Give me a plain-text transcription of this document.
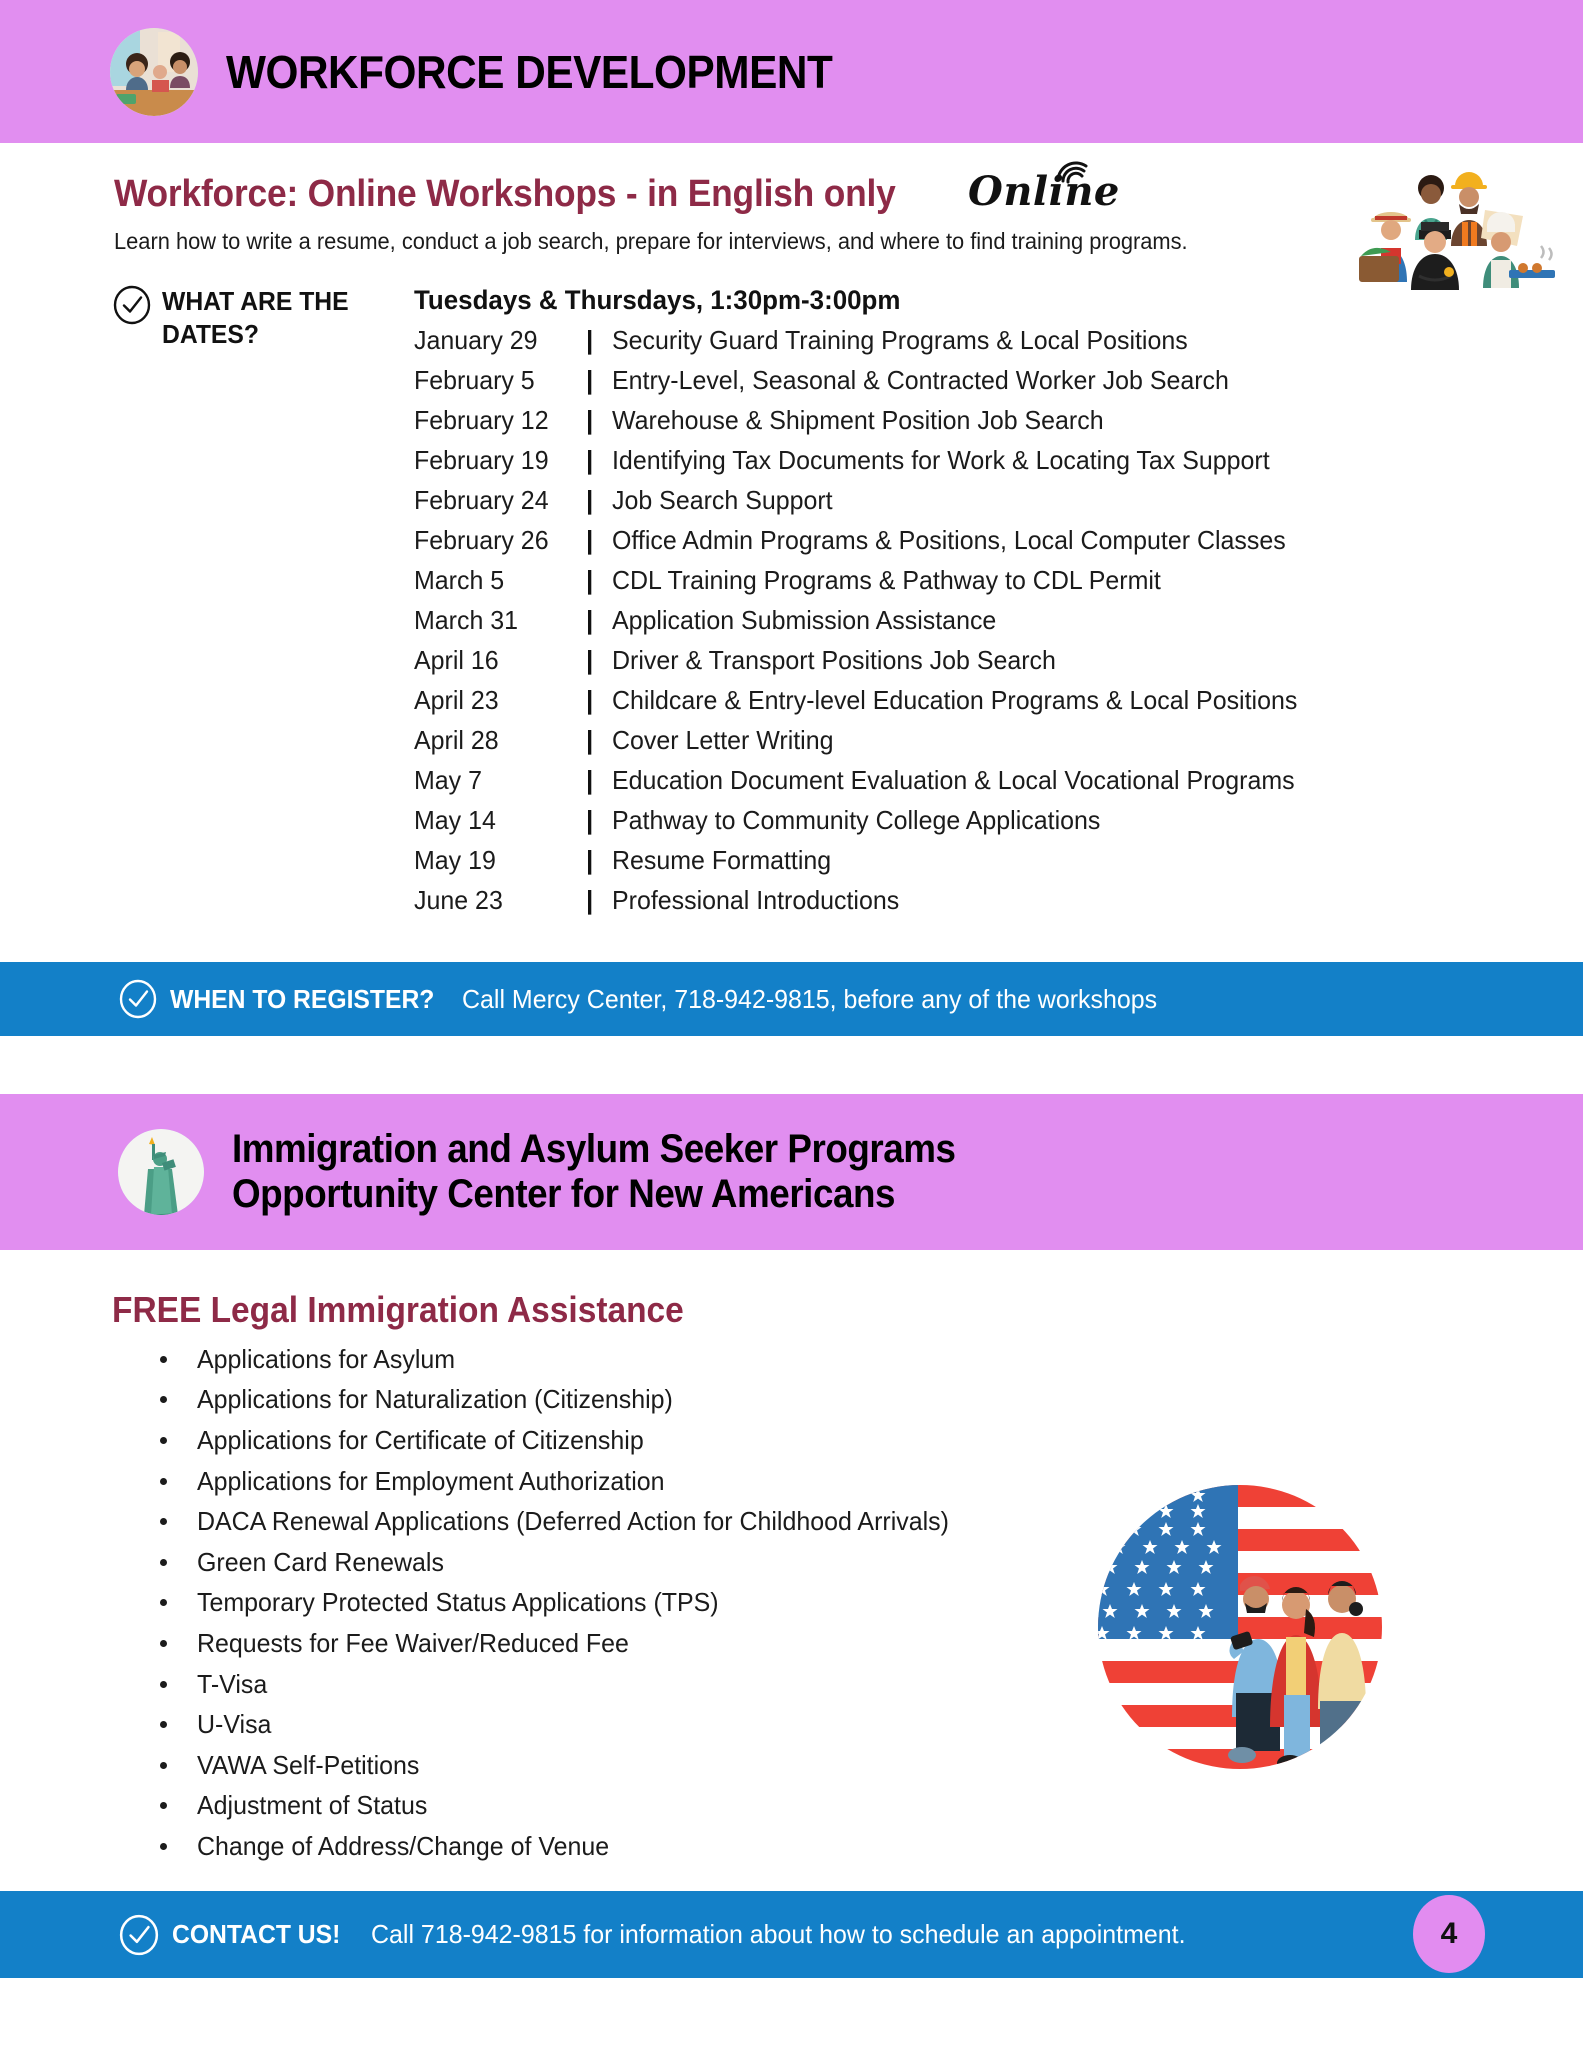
WORKFORCE DEVELOPMENT
Workforce: Online Workshops - in English only Online
Learn how to write a resume, conduct a job search, prepare for interviews, and where to find training programs.
WHAT ARE THE DATES?
Tuesdays & Thursdays, 1:30pm-3:00pm
January 29	| Security Guard Training Programs & Local Positions
February 5	| Entry-Level, Seasonal & Contracted Worker Job Search
February 12	| Warehouse & Shipment Position Job Search
February 19	| Identifying Tax Documents for Work & Locating Tax Support
February 24	| Job Search Support
February 26	| Office Admin Programs & Positions, Local Computer Classes
March 5	| CDL Training Programs & Pathway to CDL Permit
March 31	| Application Submission Assistance
April 16	| Driver & Transport Positions Job Search
April 23	| Childcare & Entry-level Education Programs & Local Positions
April 28	| Cover Letter Writing
May 7	| Education Document Evaluation & Local Vocational Programs
May 14	| Pathway to Community College Applications
May 19	| Resume Formatting
June 23	| Professional Introductions
WHEN TO REGISTER? Call Mercy Center, 718-942-9815, before any of the workshops
Immigration and Asylum Seeker Programs
Opportunity Center for New Americans
FREE Legal Immigration Assistance
Applications for Asylum
Applications for Naturalization (Citizenship)
Applications for Certificate of Citizenship
Applications for Employment Authorization
DACA Renewal Applications (Deferred Action for Childhood Arrivals)
Green Card Renewals
Temporary Protected Status Applications (TPS)
Requests for Fee Waiver/Reduced Fee
T-Visa
U-Visa
VAWA Self-Petitions
Adjustment of Status
Change of Address/Change of Venue
CONTACT US! Call 718-942-9815 for information about how to schedule an appointment.	4
